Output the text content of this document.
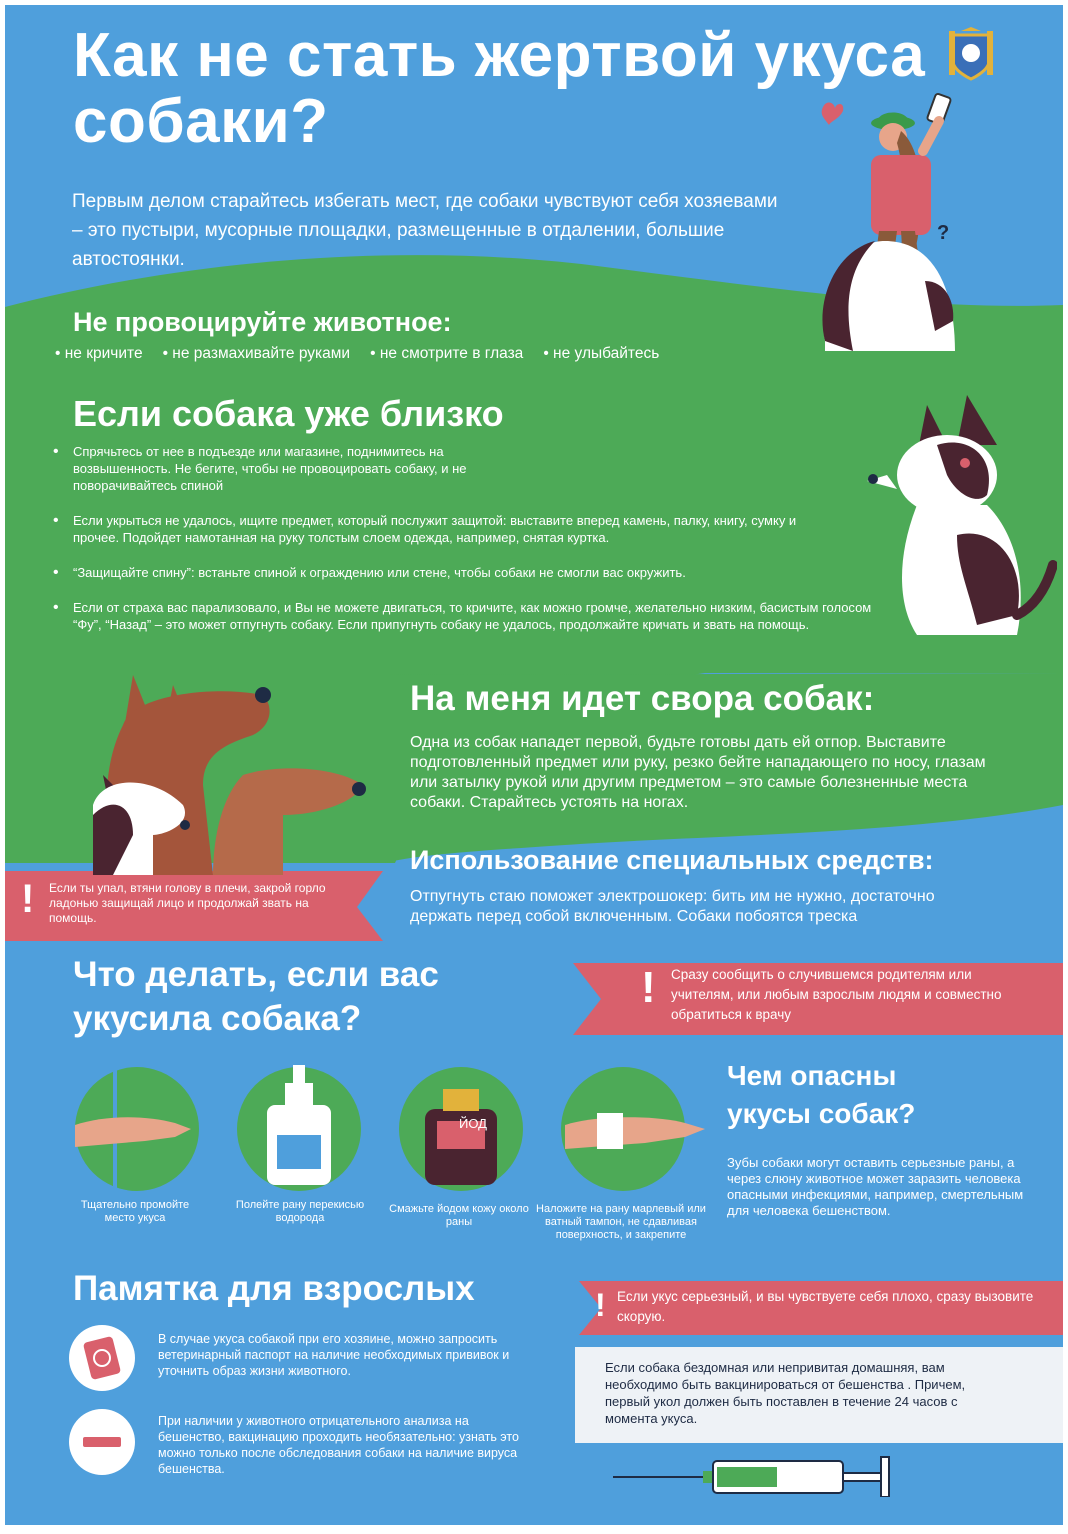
Как не стать жертвой укуса собаки?
Первым делом старайтесь избегать мест, где собаки чувствуют себя хозяевами – это пустыри, мусорные площадки, размещенные в отдалении, большие автостоянки.
?
Не провоцируйте животное:
• не кричите	• не размахивайте руками	• не смотрите в глаза	• не улыбайтесь
Если собака уже близко
• Спрячьтесь от нее в подъезде или магазине, поднимитесь на возвышенность. Не бегите, чтобы не провоцировать собаку, и не поворачивайтесь спиной
• Если укрыться не удалось, ищите предмет, который послужит защитой: выставите вперед камень, палку, книгу, сумку и прочее. Подойдет намотанная на руку толстым слоем одежда, например, снятая куртка.
• “Защищайте спину”: встаньте спиной к ограждению или стене, чтобы собаки не смогли вас окружить.
• Если от страха вас парализовало, и Вы не можете двигаться, то кричите, как можно громче, желательно низким, басистым голосом “Фу”, “Назад” – это может отпугнуть собаку. Если припугнуть собаку не удалось, продолжайте кричать и звать на помощь.
На меня идет свора собак:
Одна из собак нападет первой, будьте готовы дать ей отпор. Выставите подготовленный предмет или руку, резко бейте нападающего по носу, глазам или затылку рукой или другим предметом – это самые болезненные места собаки. Старайтесь устоять на ногах.
! Если ты упал, втяни голову в плечи, закрой горло ладонью защищай лицо и продолжай звать на помощь.
Использование специальных средств:
Отпугнуть стаю поможет электрошокер: бить им не нужно, достаточно держать перед собой включенным. Собаки побоятся треска
Что делать, если вас укусила собака?
! Сразу сообщить о случившемся родителям или учителям, или любым взрослым людям и совместно обратиться к врачу
ЙОД
Тщательно промойте место укуса
Полейте рану перекисью водорода
Смажьте йодом кожу около раны
Наложите на рану марлевый или ватный тампон, не сдавливая поверхность, и закрепите
Чем опасны укусы собак?
Зубы собаки могут оставить серьезные раны, а через слюну животное может заразить человека опасными инфекциями, например, смертельным для человека бешенством.
Памятка для взрослых	! Если укус серьезный, и вы чувствуете себя плохо, сразу вызовите скорую.
В случае укуса собакой при его хозяине, можно запросить ветеринарный паспорт на наличие необходимых прививок и уточнить образ жизни животного.
При наличии у животного отрицательного анализа на бешенство, вакцинацию проходить необязательно: узнать это можно только после обследования собаки на наличие вируса бешенства.

Если собака бездомная или непривитая домашняя, вам необходимо быть вакцинироваться от бешенства . Причем, первый укол должен быть поставлен в течение 24 часов с момента укуса.
